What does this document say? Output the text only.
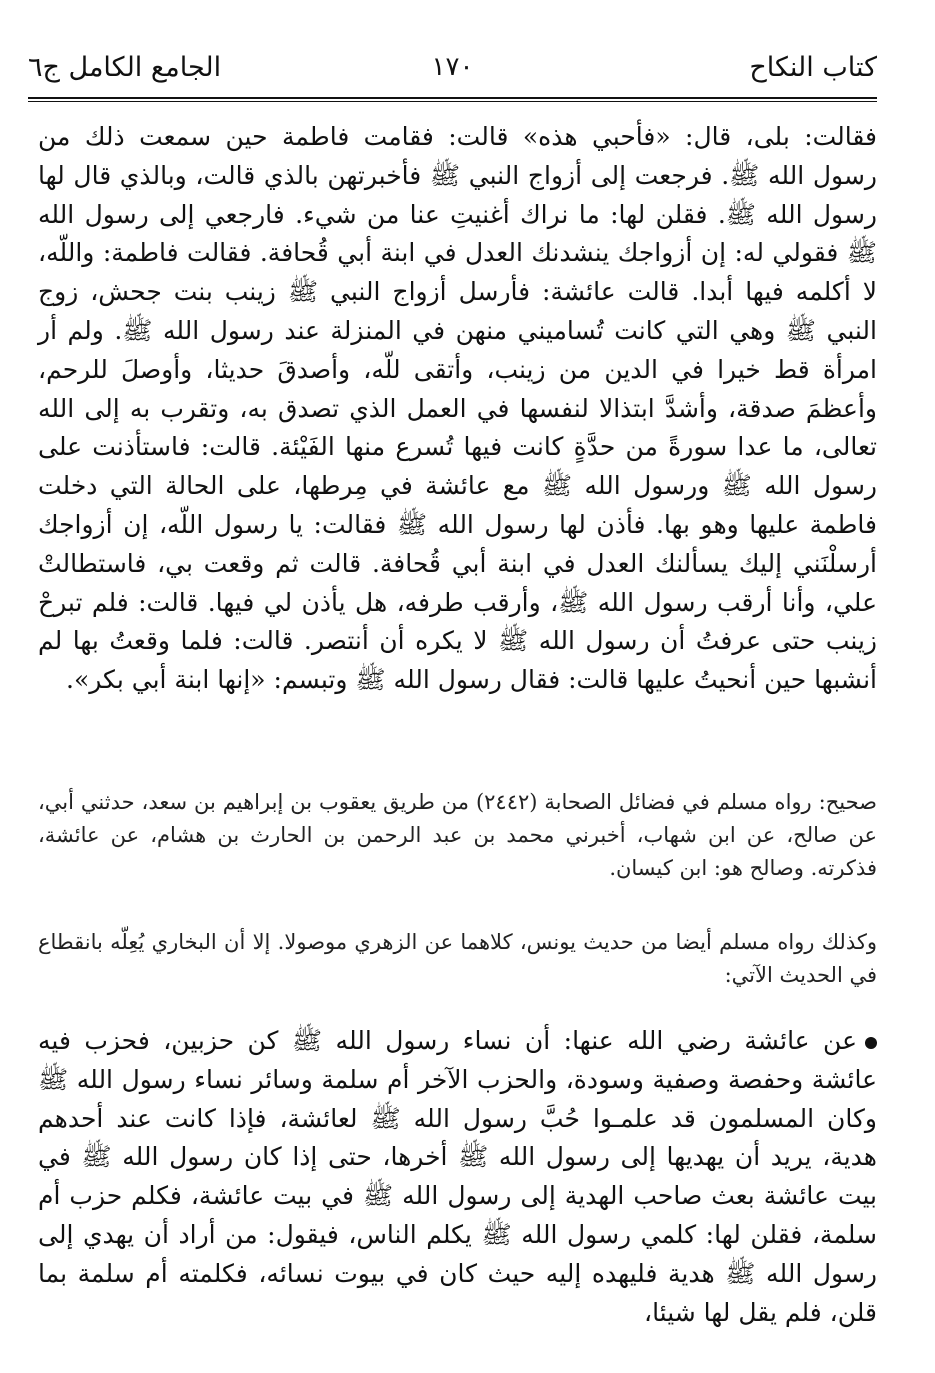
كتاب النكاح
١٧٠
الجامع الكامل ج٦

فقالت: بلى، قال: «فأحبي هذه» قالت: فقامت فاطمة حين سمعت ذلك من رسول الله ﷺ. فرجعت إلى أزواج النبي ﷺ فأخبرتهن بالذي قالت، وبالذي قال لها رسول الله ﷺ. فقلن لها: ما نراك أغنيتِ عنا من شيء. فارجعي إلى رسول الله ﷺ فقولي له: إن أزواجك ينشدنك العدل في ابنة أبي قُحافة. فقالت فاطمة: واللّه، لا أكلمه فيها أبدا. قالت عائشة: فأرسل أزواج النبي ﷺ زينب بنت جحش، زوج النبي ﷺ وهي التي كانت تُساميني منهن في المنزلة عند رسول الله ﷺ. ولم أر امرأة قط خيرا في الدين من زينب، وأتقى للّه، وأصدقَ حديثا، وأوصلَ للرحم، وأعظمَ صدقة، وأشدَّ ابتذالا لنفسها في العمل الذي تصدق به، وتقرب به إلى الله تعالى، ما عدا سورةً من حدَّةٍ كانت فيها تُسرع منها الفَيْئة. قالت: فاستأذنت على رسول الله ﷺ ورسول الله ﷺ مع عائشة في مِرطها، على الحالة التي دخلت فاطمة عليها وهو بها. فأذن لها رسول الله ﷺ فقالت: يا رسول اللّه، إن أزواجك أرسلْنَني إليك يسألنك العدل في ابنة أبي قُحافة. قالت ثم وقعت بي، فاستطالتْ علي، وأنا أرقب رسول الله ﷺ، وأرقب طرفه، هل يأذن لي فيها. قالت: فلم تبرحْ زينب حتى عرفتُ أن رسول الله ﷺ لا يكره أن أنتصر. قالت: فلما وقعتُ بها لم أنشبها حين أنحيتُ عليها قالت: فقال رسول الله ﷺ وتبسم: «إنها ابنة أبي بكر».

صحيح: رواه مسلم في فضائل الصحابة (٢٤٤٢) من طريق يعقوب بن إبراهيم بن سعد، حدثني أبي، عن صالح، عن ابن شهاب، أخبرني محمد بن عبد الرحمن بن الحارث بن هشام، عن عائشة، فذكرته. وصالح هو: ابن كيسان.

وكذلك رواه مسلم أيضا من حديث يونس، كلاهما عن الزهري موصولا. إلا أن البخاري يُعِلّه بانقطاع في الحديث الآتي:

عن عائشة رضي الله عنها: أن نساء رسول الله ﷺ كن حزبين، فحزب فيه عائشة وحفصة وصفية وسودة، والحزب الآخر أم سلمة وسائر نساء رسول الله ﷺ وكان المسلمون قد علمـوا حُبَّ رسول الله ﷺ لعائشة، فإذا كانت عند أحدهم هدية، يريد أن يهديها إلى رسول الله ﷺ أخرها، حتى إذا كان رسول الله ﷺ في بيت عائشة بعث صاحب الهدية إلى رسول الله ﷺ في بيت عائشة، فكلم حزب أم سلمة، فقلن لها: كلمي رسول الله ﷺ يكلم الناس، فيقول: من أراد أن يهدي إلى رسول الله ﷺ هدية فليهده إليه حيث كان في بيوت نسائه، فكلمته أم سلمة بما قلن، فلم يقل لها شيئا،
